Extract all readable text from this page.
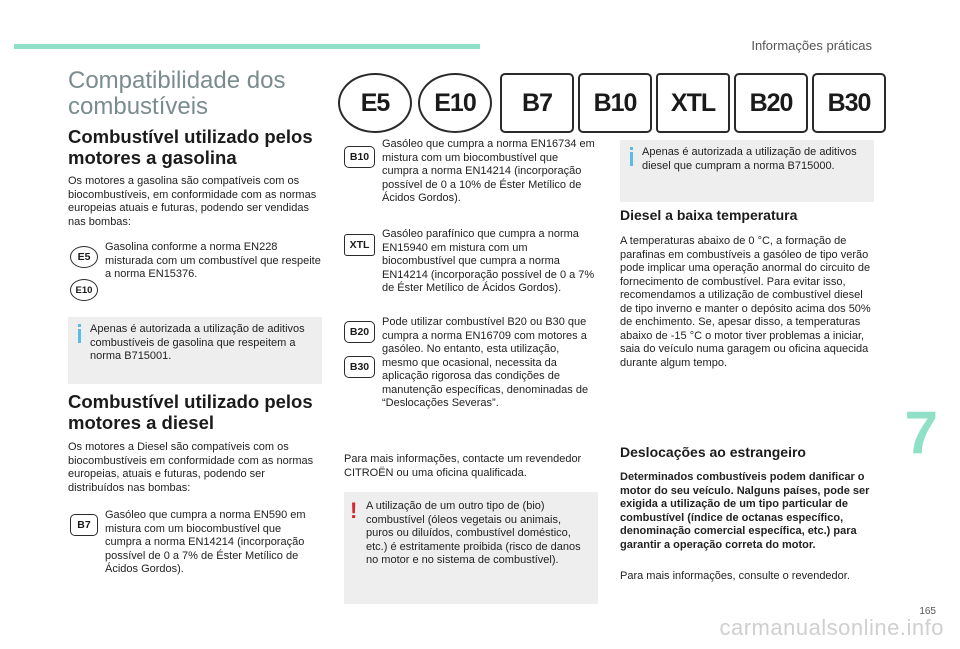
Informações práticas
Compatibilidade dos combustíveis	E5	E10	B7	B10	XTL	B20	B30
Combustível utilizado pelos motores a gasolina

Os motores a gasolina são compatíveis com os biocombustíveis, em conformidade com as normas europeias atuais e futuras, podendo ser vendidas nas bombas:

E5
E10

Gasolina conforme a norma EN228 misturada com um combustível que respeite a norma EN15376.

Apenas é autorizada a utilização de aditivos combustíveis de gasolina que respeitem a norma B715001.

Combustível utilizado pelos motores a diesel

Os motores a Diesel são compatíveis com os biocombustíveis em conformidade com as normas europeias, atuais e futuras, podendo ser distribuídos nas bombas:

B7

Gasóleo que cumpra a norma EN590 em mistura com um biocombustível que cumpra a norma EN14214 (incorporação possível de 0 a 7% de Éster Metílico de Ácidos Gordos).

B10

Gasóleo que cumpra a norma EN16734 em mistura com um biocombustível que cumpra a norma EN14214 (incorporação possível de 0 a 10% de Éster Metílico de Ácidos Gordos).

XTL

Gasóleo parafínico que cumpra a norma EN15940 em mistura com um biocombustível que cumpra a norma EN14214 (incorporação possível de 0 a 7% de Éster Metílico de Ácidos Gordos).

B20
B30

Pode utilizar combustível B20 ou B30 que cumpra a norma EN16709 com motores a gasóleo. No entanto, esta utilização, mesmo que ocasional, necessita da aplicação rigorosa das condições de manutenção específicas, denominadas de “Deslocações Severas”.

Para mais informações, contacte um revendedor CITROËN ou uma oficina qualificada.

! A utilização de um outro tipo de (bio) combustível (óleos vegetais ou animais, puros ou diluídos, combustível doméstico, etc.) é estritamente proibida (risco de danos no motor e no sistema de combustível).

Apenas é autorizada a utilização de aditivos diesel que cumpram a norma B715000.

Diesel a baixa temperatura

A temperaturas abaixo de 0 °C, a formação de parafinas em combustíveis a gasóleo de tipo verão pode implicar uma operação anormal do circuito de fornecimento de combustível. Para evitar isso, recomendamos a utilização de combustível diesel de tipo inverno e manter o depósito acima dos 50% de enchimento. Se, apesar disso, a temperaturas abaixo de -15 °C o motor tiver problemas a iniciar, saia do veículo numa garagem ou oficina aquecida durante algum tempo.

Deslocações ao estrangeiro

Determinados combustíveis podem danificar o motor do seu veículo. Nalguns países, pode ser exigida a utilização de um tipo particular de combustível (índice de octanas específico, denominação comercial específica, etc.) para garantir a operação correta do motor.

Para mais informações, consulte o revendedor.

7
165
carmanualsonline.info
